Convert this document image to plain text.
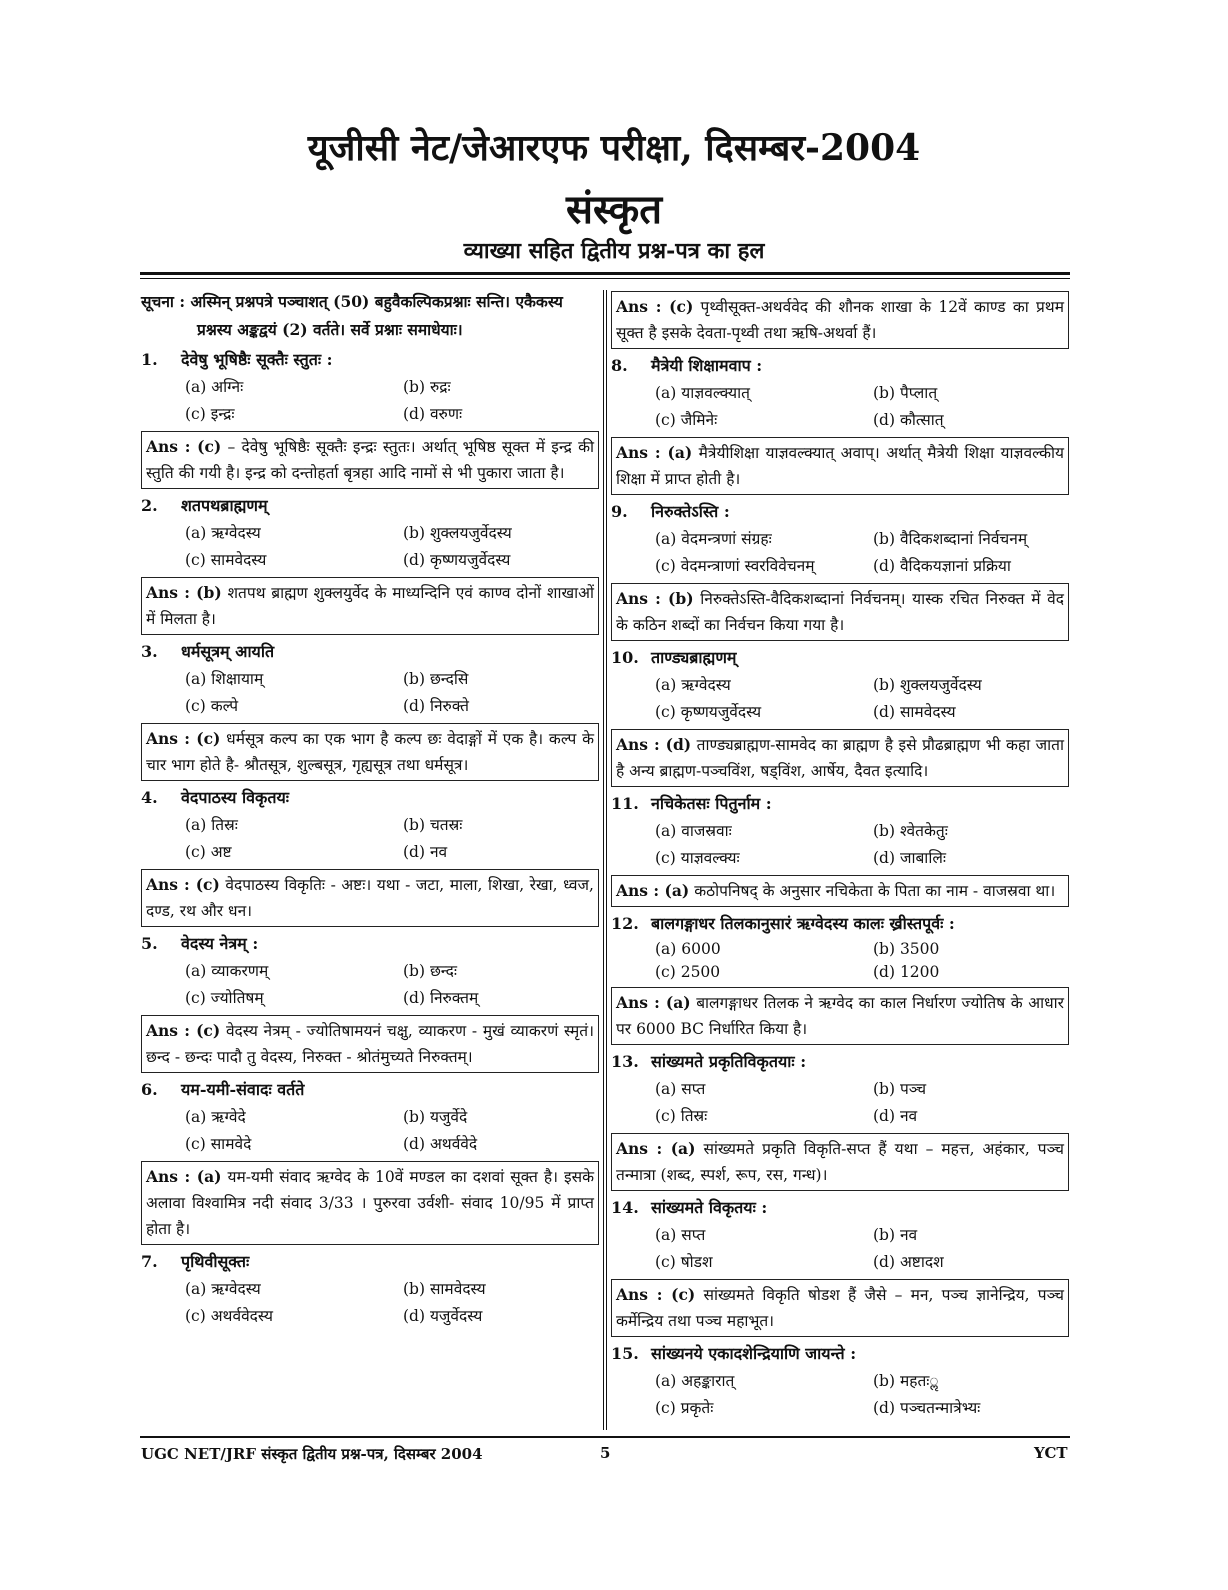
यूजीसी नेट/जेआरएफ परीक्षा, दिसम्बर-2004
संस्कृत
व्याख्या सहित द्वितीय प्रश्न-पत्र का हल
सूचना : अस्मिन् प्रश्नपत्रे पञ्चाशत् (50) बहुवैकल्पिकप्रश्नाः सन्ति। एकैकस्य प्रश्नस्य अङ्कद्वयं (2) वर्तते। सर्वे प्रश्नाः समाधेयाः।
1.	देवेषु भूषिष्ठैः सूक्तैः स्तुतः :
(a) अग्निः	(b) रुद्रः
(c) इन्द्रः	(d) वरुणः
Ans : (c) – देवेषु भूषिष्ठैः सूक्तैः इन्द्रः स्तुतः। अर्थात् भूषिष्ठ सूक्त में इन्द्र की स्तुति की गयी है। इन्द्र को दन्तोहर्ता बृत्रहा आदि नामों से भी पुकारा जाता है।
2.	शतपथब्राह्मणम्
(a) ऋग्वेदस्य	(b) शुक्लयजुर्वेदस्य
(c) सामवेदस्य	(d) कृष्णयजुर्वेदस्य
Ans : (b) शतपथ ब्राह्मण शुक्लयुर्वेद के माध्यन्दिनि एवं काण्व दोनों शाखाओं में मिलता है।
3.	धर्मसूत्रम् आयति
(a) शिक्षायाम्	(b) छन्दसि
(c) कल्पे	(d) निरुक्ते
Ans : (c) धर्मसूत्र कल्प का एक भाग है कल्प छः वेदाङ्गों में एक है। कल्प के चार भाग होते है- श्रौतसूत्र, शुल्बसूत्र, गृह्यसूत्र तथा धर्मसूत्र।
4.	वेदपाठस्य विकृतयः
(a) तिस्रः	(b) चतस्रः
(c) अष्ट	(d) नव
Ans : (c) वेदपाठस्य विकृतिः - अष्टः। यथा - जटा, माला, शिखा, रेखा, ध्वज, दण्ड, रथ और धन।
5.	वेदस्य नेत्रम् :
(a) व्याकरणम्	(b) छन्दः
(c) ज्योतिषम्	(d) निरुक्तम्
Ans : (c) वेदस्य नेत्रम् - ज्योतिषामयनं चक्षु, व्याकरण - मुखं व्याकरणं स्मृतं। छन्द - छन्दः पादौ तु वेदस्य, निरुक्त - श्रोतंमुच्यते निरुक्तम्।
6.	यम-यमी-संवादः वर्तते
(a) ऋग्वेदे	(b) यजुर्वेदे
(c) सामवेदे	(d) अथर्ववेदे
Ans : (a) यम-यमी संवाद ऋग्वेद के 10वें मण्डल का दशवां सूक्त है। इसके अलावा विश्वामित्र नदी संवाद 3/33 । पुरुरवा उर्वशी- संवाद 10/95 में प्राप्त होता है।
7.	पृथिवीसूक्तः
(a) ऋग्वेदस्य	(b) सामवेदस्य
(c) अथर्ववेदस्य	(d) यजुर्वेदस्य
Ans : (c) पृथ्वीसूक्त-अथर्ववेद की शौनक शाखा के 12वें काण्ड का प्रथम सूक्त है इसके देवता-पृथ्वी तथा ऋषि-अथर्वा हैं।
8.	मैत्रेयी शिक्षामवाप :
(a) याज्ञवल्क्यात्	(b) पैप्लात्
(c) जैमिनेः	(d) कौत्सात्
Ans : (a) मैत्रेयीशिक्षा याज्ञवल्क्यात् अवाप्। अर्थात् मैत्रेयी शिक्षा याज्ञवल्कीय शिक्षा में प्राप्त होती है।
9.	निरुक्तेऽस्ति :
(a) वेदमन्त्रणां संग्रहः	(b) वैदिकशब्दानां निर्वचनम्
(c) वेदमन्त्राणां स्वरविवेचनम्	(d) वैदिकयज्ञानां प्रक्रिया
Ans : (b) निरुक्तेऽस्ति-वैदिकशब्दानां निर्वचनम्। यास्क रचित निरुक्त में वेद के कठिन शब्दों का निर्वचन किया गया है।
10. ताण्ड्यब्राह्मणम्
(a) ऋग्वेदस्य	(b) शुक्लयजुर्वेदस्य
(c) कृष्णयजुर्वेदस्य	(d) सामवेदस्य
Ans : (d) ताण्ड्यब्राह्मण-सामवेद का ब्राह्मण है इसे प्रौढब्राह्मण भी कहा जाता है अन्य ब्राह्मण-पञ्चविंश, षड्विंश, आर्षेय, दैवत इत्यादि।
11. नचिकेतसः पितुर्नाम :
(a) वाजस्रवाः	(b) श्वेतकेतुः
(c) याज्ञवल्क्यः	(d) जाबालिः
Ans : (a) कठोपनिषद् के अनुसार नचिकेता के पिता का नाम - वाजस्रवा था।
12. बालगङ्गाधर तिलकानुसारं ऋग्वेदस्य कालः ख्रीस्तपूर्वः :
(a) 6000	(b) 3500
(c) 2500	(d) 1200
Ans : (a) बालगङ्गाधर तिलक ने ऋग्वेद का काल निर्धारण ज्योतिष के आधार पर 6000 BC निर्धारित किया है।
13. सांख्यमते प्रकृतिविकृतयाः :
(a) सप्त	(b) पञ्च
(c) तिस्रः	(d) नव
Ans : (a) सांख्यमते प्रकृति विकृति-सप्त हैं यथा – महत्त, अहंकार, पञ्च तन्मात्रा (शब्द, स्पर्श, रूप, रस, गन्ध)।
14. सांख्यमते विकृतयः :
(a) सप्त	(b) नव
(c) षोडश	(d) अष्टादश
Ans : (c) सांख्यमते विकृति षोडश हैं जैसे – मन, पञ्च ज्ञानेन्द्रिय, पञ्च कर्मेन्द्रिय तथा पञ्च महाभूत।
15. सांख्यनये एकादशेन्द्रियाणि जायन्ते :
(a) अहङ्कारात्	(b) महतःॢ
(c) प्रकृतेः	(d) पञ्चतन्मात्रेभ्यः
UGC NET/JRF संस्कृत द्वितीय प्रश्न-पत्र, दिसम्बर 2004	5	YCT
